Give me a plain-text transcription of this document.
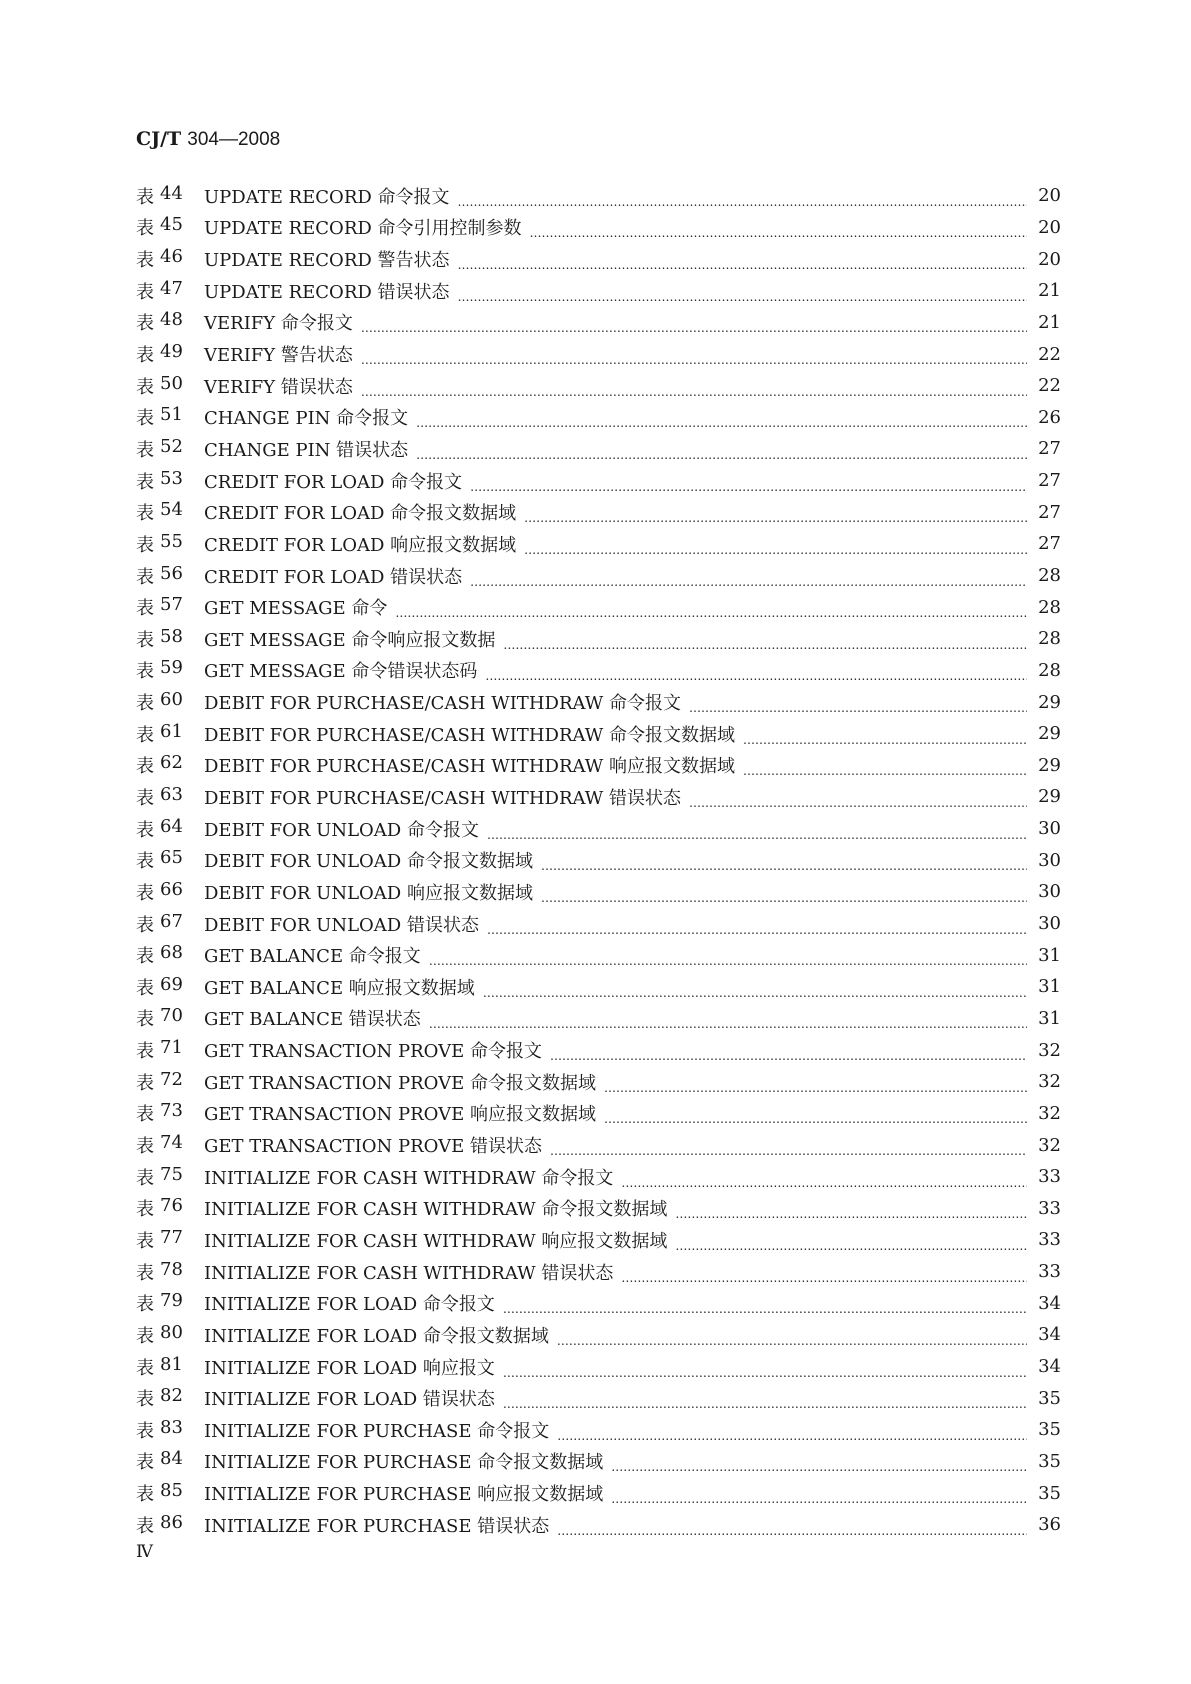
CJ/T 304—2008
表 44	UPDATE RECORD 命令报文 ………………………………………………………………………………………………………………………………………………………………………………………………	20
表 45	UPDATE RECORD 命令引用控制参数 ………………………………………………………………………………………………………………………………………………………………………………………………	20
表 46	UPDATE RECORD 警告状态 ………………………………………………………………………………………………………………………………………………………………………………………………	20
表 47	UPDATE RECORD 错误状态 ………………………………………………………………………………………………………………………………………………………………………………………………	21
表 48	VERIFY 命令报文 ………………………………………………………………………………………………………………………………………………………………………………………………	21
表 49	VERIFY 警告状态 ………………………………………………………………………………………………………………………………………………………………………………………………	22
表 50	VERIFY 错误状态 ………………………………………………………………………………………………………………………………………………………………………………………………	22
表 51	CHANGE PIN 命令报文 ………………………………………………………………………………………………………………………………………………………………………………………………	26
表 52	CHANGE PIN 错误状态 ………………………………………………………………………………………………………………………………………………………………………………………………	27
表 53	CREDIT FOR LOAD 命令报文 ………………………………………………………………………………………………………………………………………………………………………………………………	27
表 54	CREDIT FOR LOAD 命令报文数据域 ………………………………………………………………………………………………………………………………………………………………………………………………	27
表 55	CREDIT FOR LOAD 响应报文数据域 ………………………………………………………………………………………………………………………………………………………………………………………………	27
表 56	CREDIT FOR LOAD 错误状态 ………………………………………………………………………………………………………………………………………………………………………………………………	28
表 57	GET MESSAGE 命令 ………………………………………………………………………………………………………………………………………………………………………………………………	28
表 58	GET MESSAGE 命令响应报文数据 ………………………………………………………………………………………………………………………………………………………………………………………………	28
表 59	GET MESSAGE 命令错误状态码 ………………………………………………………………………………………………………………………………………………………………………………………………	28
表 60	DEBIT FOR PURCHASE/CASH WITHDRAW 命令报文 ………………………………………………………………………………………………………………………………………………………………………………………………	29
表 61	DEBIT FOR PURCHASE/CASH WITHDRAW 命令报文数据域 ………………………………………………………………………………………………………………………………………………………………………………………………	29
表 62	DEBIT FOR PURCHASE/CASH WITHDRAW 响应报文数据域 ………………………………………………………………………………………………………………………………………………………………………………………………	29
表 63	DEBIT FOR PURCHASE/CASH WITHDRAW 错误状态 ………………………………………………………………………………………………………………………………………………………………………………………………	29
表 64	DEBIT FOR UNLOAD 命令报文 ………………………………………………………………………………………………………………………………………………………………………………………………	30
表 65	DEBIT FOR UNLOAD 命令报文数据域 ………………………………………………………………………………………………………………………………………………………………………………………………	30
表 66	DEBIT FOR UNLOAD 响应报文数据域 ………………………………………………………………………………………………………………………………………………………………………………………………	30
表 67	DEBIT FOR UNLOAD 错误状态 ………………………………………………………………………………………………………………………………………………………………………………………………	30
表 68	GET BALANCE 命令报文 ………………………………………………………………………………………………………………………………………………………………………………………………	31
表 69	GET BALANCE 响应报文数据域 ………………………………………………………………………………………………………………………………………………………………………………………………	31
表 70	GET BALANCE 错误状态 ………………………………………………………………………………………………………………………………………………………………………………………………	31
表 71	GET TRANSACTION PROVE 命令报文 ………………………………………………………………………………………………………………………………………………………………………………………………	32
表 72	GET TRANSACTION PROVE 命令报文数据域 ………………………………………………………………………………………………………………………………………………………………………………………………	32
表 73	GET TRANSACTION PROVE 响应报文数据域 ………………………………………………………………………………………………………………………………………………………………………………………………	32
表 74	GET TRANSACTION PROVE 错误状态 ………………………………………………………………………………………………………………………………………………………………………………………………	32
表 75	INITIALIZE FOR CASH WITHDRAW 命令报文 ………………………………………………………………………………………………………………………………………………………………………………………………	33
表 76	INITIALIZE FOR CASH WITHDRAW 命令报文数据域 ………………………………………………………………………………………………………………………………………………………………………………………………	33
表 77	INITIALIZE FOR CASH WITHDRAW 响应报文数据域 ………………………………………………………………………………………………………………………………………………………………………………………………	33
表 78	INITIALIZE FOR CASH WITHDRAW 错误状态 ………………………………………………………………………………………………………………………………………………………………………………………………	33
表 79	INITIALIZE FOR LOAD 命令报文 ………………………………………………………………………………………………………………………………………………………………………………………………	34
表 80	INITIALIZE FOR LOAD 命令报文数据域 ………………………………………………………………………………………………………………………………………………………………………………………………	34
表 81	INITIALIZE FOR LOAD 响应报文 ………………………………………………………………………………………………………………………………………………………………………………………………	34
表 82	INITIALIZE FOR LOAD 错误状态 ………………………………………………………………………………………………………………………………………………………………………………………………	35
表 83	INITIALIZE FOR PURCHASE 命令报文 ………………………………………………………………………………………………………………………………………………………………………………………………	35
表 84	INITIALIZE FOR PURCHASE 命令报文数据域 ………………………………………………………………………………………………………………………………………………………………………………………………	35
表 85	INITIALIZE FOR PURCHASE 响应报文数据域 ………………………………………………………………………………………………………………………………………………………………………………………………	35
表 86	INITIALIZE FOR PURCHASE 错误状态 ………………………………………………………………………………………………………………………………………………………………………………………………	36
Ⅳ
